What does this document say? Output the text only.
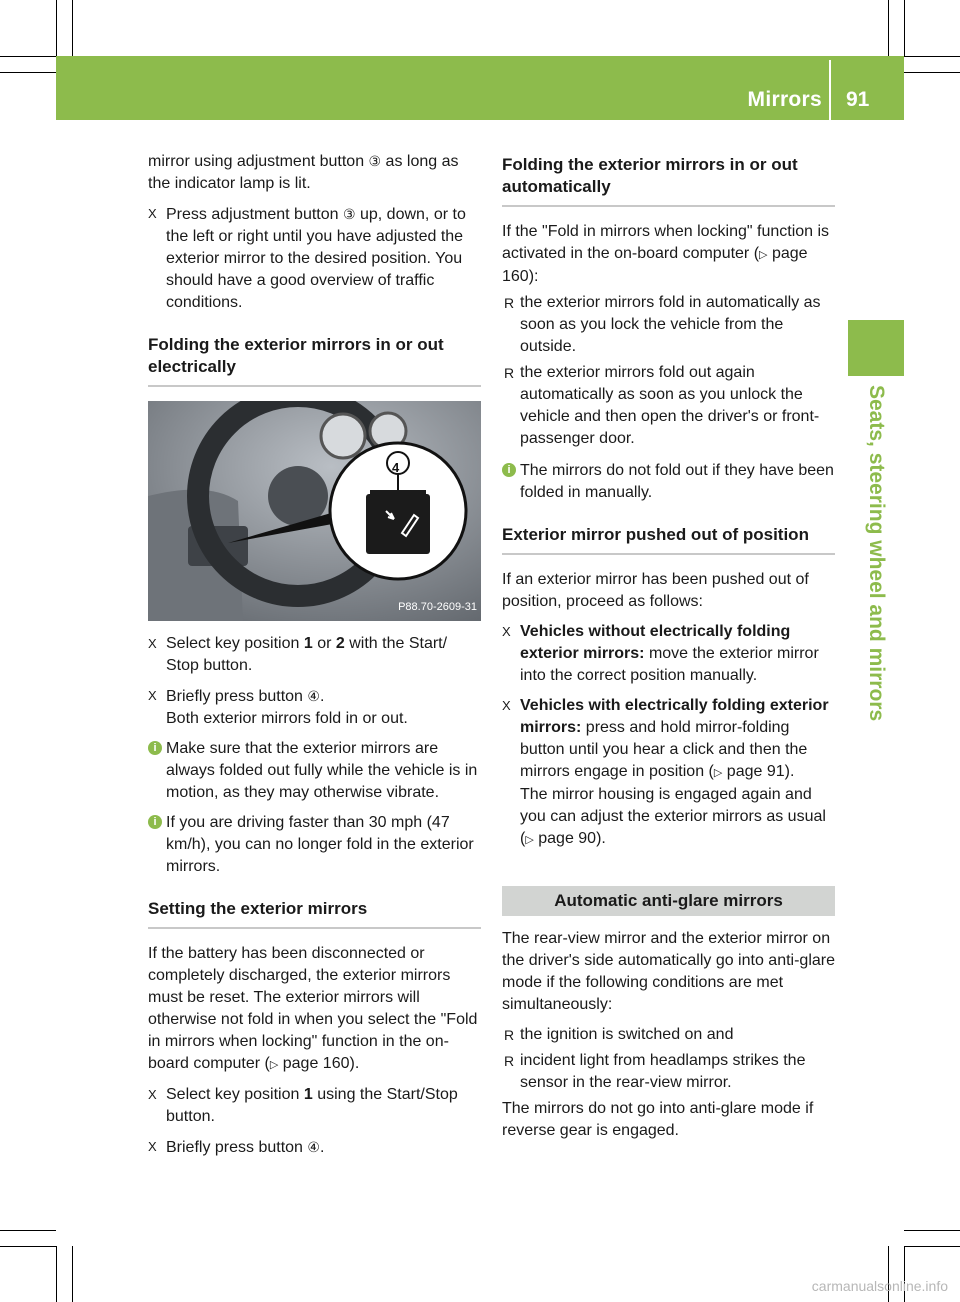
Mirrors 91
Seats, steering wheel and mirrors

mirror using adjustment button ③ as long as the indicator lamp is lit.

X Press adjustment button ③ up, down, or to the left or right until you have adjusted the exterior mirror to the desired position. You should have a good overview of traffic conditions.
Folding the exterior mirrors in or out electrically
4
P88.70-2609-31
X Select key position 1 or 2 with the Start/ Stop button.
X Briefly press button ④.
Both exterior mirrors fold in or out.
i Make sure that the exterior mirrors are always folded out fully while the vehicle is in motion, as they may otherwise vibrate.
i If you are driving faster than 30 mph (47 km/h), you can no longer fold in the exterior mirrors.
Setting the exterior mirrors

If the battery has been disconnected or completely discharged, the exterior mirrors must be reset. The exterior mirrors will otherwise not fold in when you select the "Fold in mirrors when locking" function in the on-board computer (▷ page 160).

X Select key position 1 using the Start/Stop button.
X Briefly press button ④.
Folding the exterior mirrors in or out automatically

If the "Fold in mirrors when locking" function is activated in the on-board computer (▷ page 160):

R the exterior mirrors fold in automatically as soon as you lock the vehicle from the outside.
R the exterior mirrors fold out again automatically as soon as you unlock the vehicle and then open the driver's or front-passenger door.
i The mirrors do not fold out if they have been folded in manually.
Exterior mirror pushed out of position

If an exterior mirror has been pushed out of position, proceed as follows:

X Vehicles without electrically folding exterior mirrors: move the exterior mirror into the correct position manually.
X Vehicles with electrically folding exterior mirrors: press and hold mirror-folding button until you hear a click and then the mirrors engage in position (▷ page 91).
The mirror housing is engaged again and you can adjust the exterior mirrors as usual (▷ page 90).
Automatic anti-glare mirrors

The rear-view mirror and the exterior mirror on the driver's side automatically go into anti-glare mode if the following conditions are met simultaneously:

R the ignition is switched on and
R incident light from headlamps strikes the sensor in the rear-view mirror.

The mirrors do not go into anti-glare mode if reverse gear is engaged.

carmanualsonline.info
